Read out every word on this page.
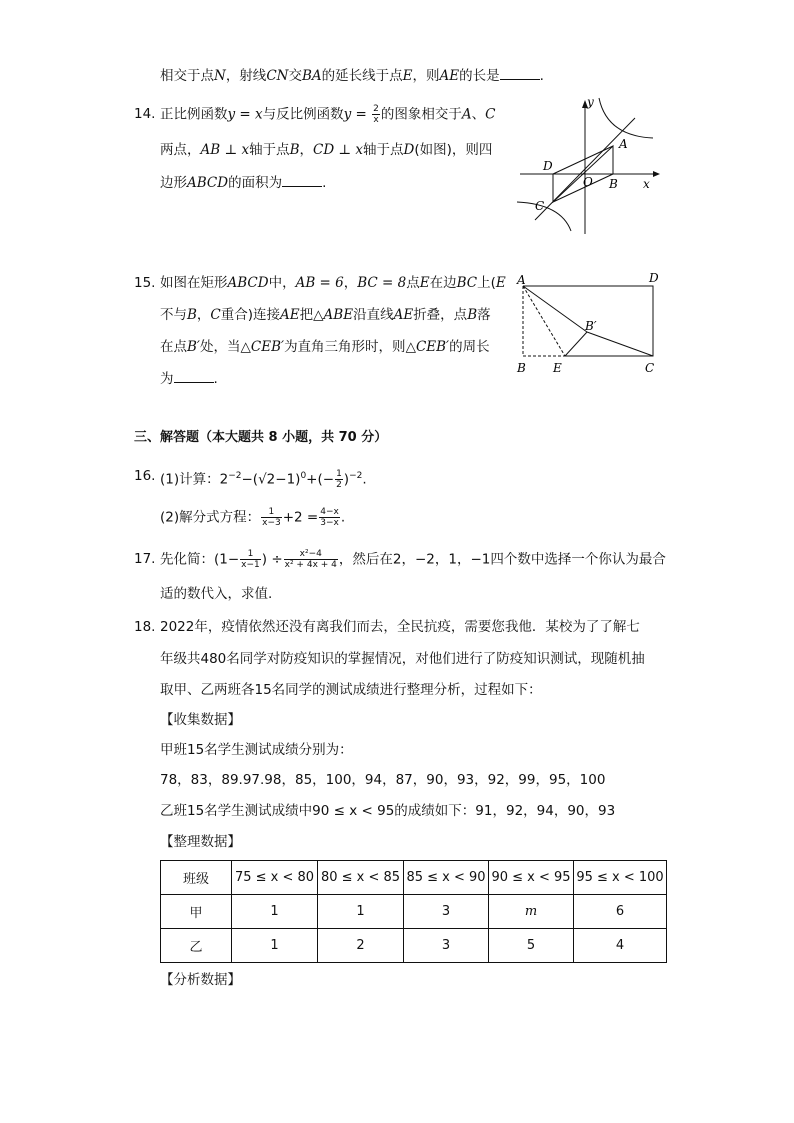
相交于点N，射线CN交BA的延长线于点E，则AE的长是	.
14. 正比例函数y = x与反比例函数$y = \frac{2}{x}$ 的图象相交于A、C
两点，AB ⊥ x轴于点B，CD ⊥ x轴于点D(如图)，则四
边形ABCD的面积为	.
y
x
A
B
C
D
O
15. 如图在矩形ABCD中，AB = 6，BC = 8点E在边BC上(E
不与B，C重合)连接AE把△ABE沿直线AE折叠，点B落
在点B′处，当△CEB′为直角三角形时，则△CEB′的周长
为	.
A	D
B E	C
B′
三、解答题（本大题共 8 小题，共 70 分）
16. (1)计算：$2^{-2}-(√2-1)^0+(- \frac{1}{2} )^{-2}$.
(2)解分式方程： $\frac{1}{x-3} +2 = \frac{4-x}{3-x}$ .
17. 先化简：($1- \frac{1}{x-1}$ ) ÷ $\frac{\text{x²−4}}{\text{x² + 4x + 4}}$ ，然后在2，−2，1，−1四个数中选择一个你认为最合
适的数代入，求值.
18. 2022年，疫情依然还没有离我们而去，全民抗疫，需要您我他．某校为了了解七
年级共480名同学对防疫知识的掌握情况，对他们进行了防疫知识测试，现随机抽
取甲、乙两班各15名同学的测试成绩进行整理分析，过程如下：
【收集数据】
甲班15名学生测试成绩分别为：
78，83，89.97.98，85，100，94，87，90，93，92，99，95，100
乙班15名学生测试成绩中90 ≤ x < 95的成绩如下：91，92，94，90，93
【整理数据】
班级	75 ≤ x < 80	80 ≤ x < 85	85 ≤ x < 90	90 ≤ x < 95	95 ≤ x < 100
甲	1	1	3	m	6
乙	1	2	3	5	4
【分析数据】
